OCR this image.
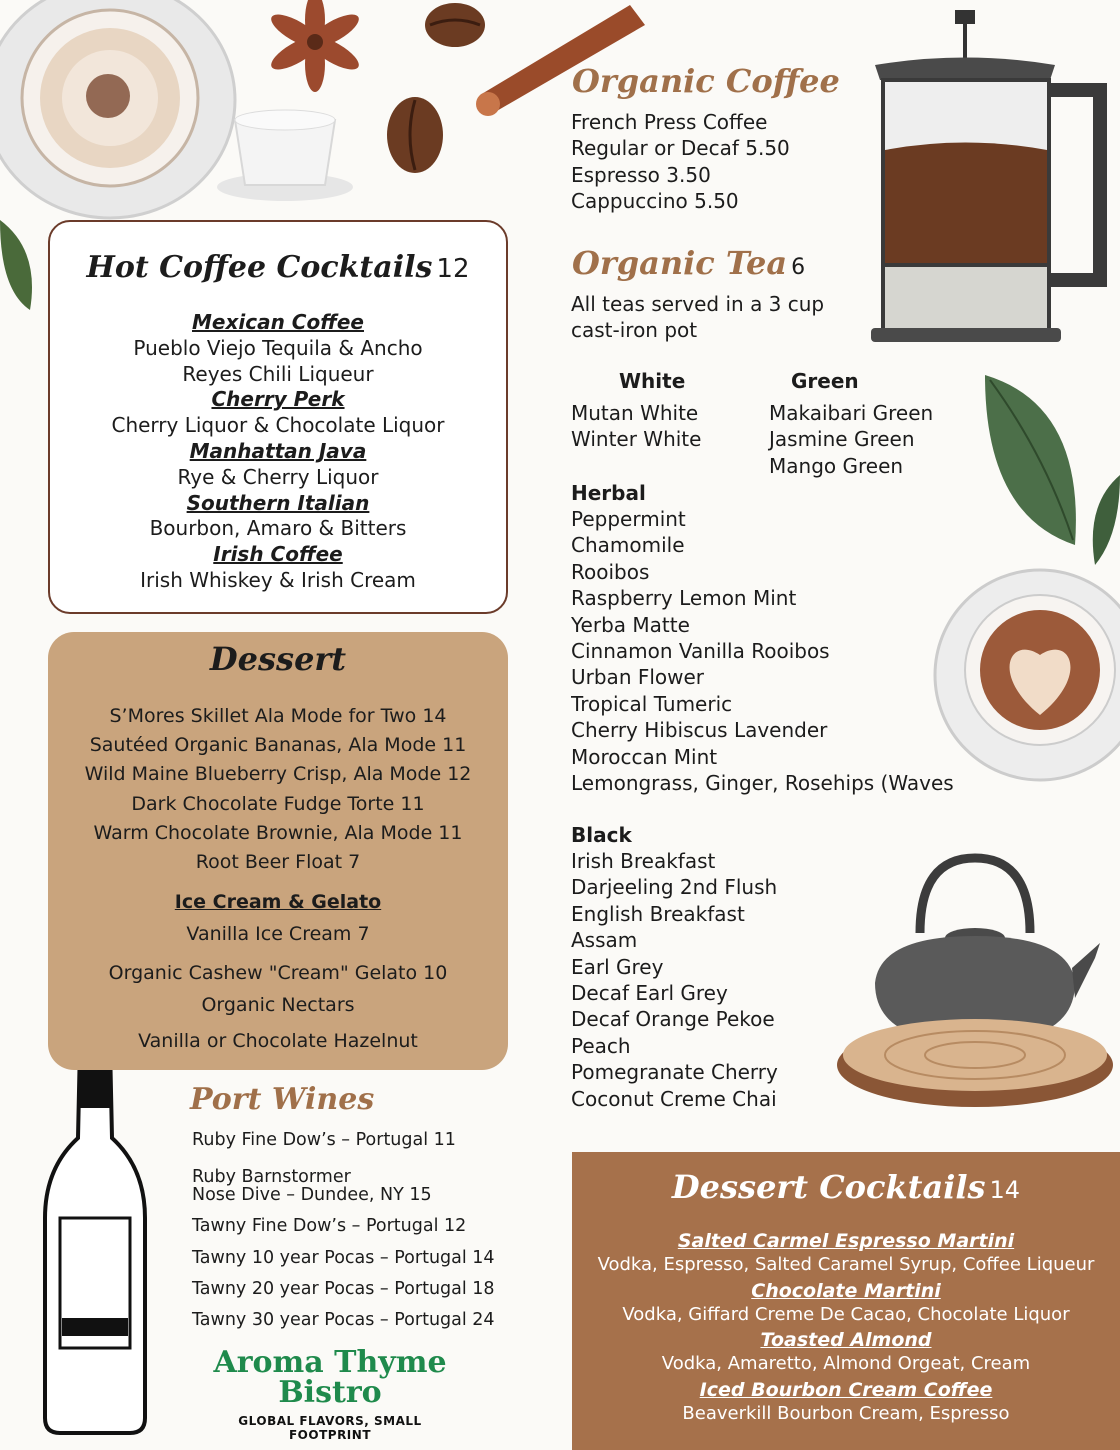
Hot Coffee Cocktails 12
Mexican Coffee
Pueblo Viejo Tequila & Ancho
Reyes Chili Liqueur
Cherry Perk
Cherry Liquor & Chocolate Liquor
Manhattan Java
Rye & Cherry Liquor
Southern Italian
Bourbon, Amaro & Bitters
Irish Coffee
Irish Whiskey & Irish Cream
Dessert
S’Mores Skillet Ala Mode for Two 14
Sautéed Organic Bananas, Ala Mode 11
Wild Maine Blueberry Crisp, Ala Mode 12
Dark Chocolate Fudge Torte 11
Warm Chocolate Brownie, Ala Mode 11
Root Beer Float 7
Ice Cream & Gelato
Vanilla Ice Cream 7
Organic Cashew "Cream" Gelato 10
Organic Nectars
Vanilla or Chocolate Hazelnut
Port Wines
Ruby Fine Dow’s – Portugal 11
Ruby Barnstormer
Nose Dive – Dundee, NY 15
Tawny Fine Dow’s – Portugal 12
Tawny 10 year Pocas – Portugal 14
Tawny 20 year Pocas – Portugal 18
Tawny 30 year Pocas – Portugal 24
Aroma Thyme
Bistro
GLOBAL FLAVORS, SMALL FOOTPRINT
Organic Coffee
French Press Coffee
Regular or Decaf 5.50
Espresso 3.50
Cappuccino 5.50
Organic Tea 6
All teas served in a 3 cup
cast-iron pot
White
Mutan White
Winter White
Green
Makaibari Green
Jasmine Green
Mango Green
Herbal
Peppermint
Chamomile
Rooibos
Raspberry Lemon Mint
Yerba Matte
Cinnamon Vanilla Rooibos
Urban Flower
Tropical Tumeric
Cherry Hibiscus Lavender
Moroccan Mint
Lemongrass, Ginger, Rosehips (Waves
Black
Irish Breakfast
Darjeeling 2nd Flush
English Breakfast
Assam
Earl Grey
Decaf Earl Grey
Decaf Orange Pekoe
Peach
Pomegranate Cherry
Coconut Creme Chai
Dessert Cocktails 14
Salted Carmel Espresso Martini
Vodka, Espresso, Salted Caramel Syrup, Coffee Liqueur
Chocolate Martini
Vodka, Giffard Creme De Cacao, Chocolate Liquor
Toasted Almond
Vodka, Amaretto, Almond Orgeat, Cream
Iced Bourbon Cream Coffee
Beaverkill Bourbon Cream, Espresso
